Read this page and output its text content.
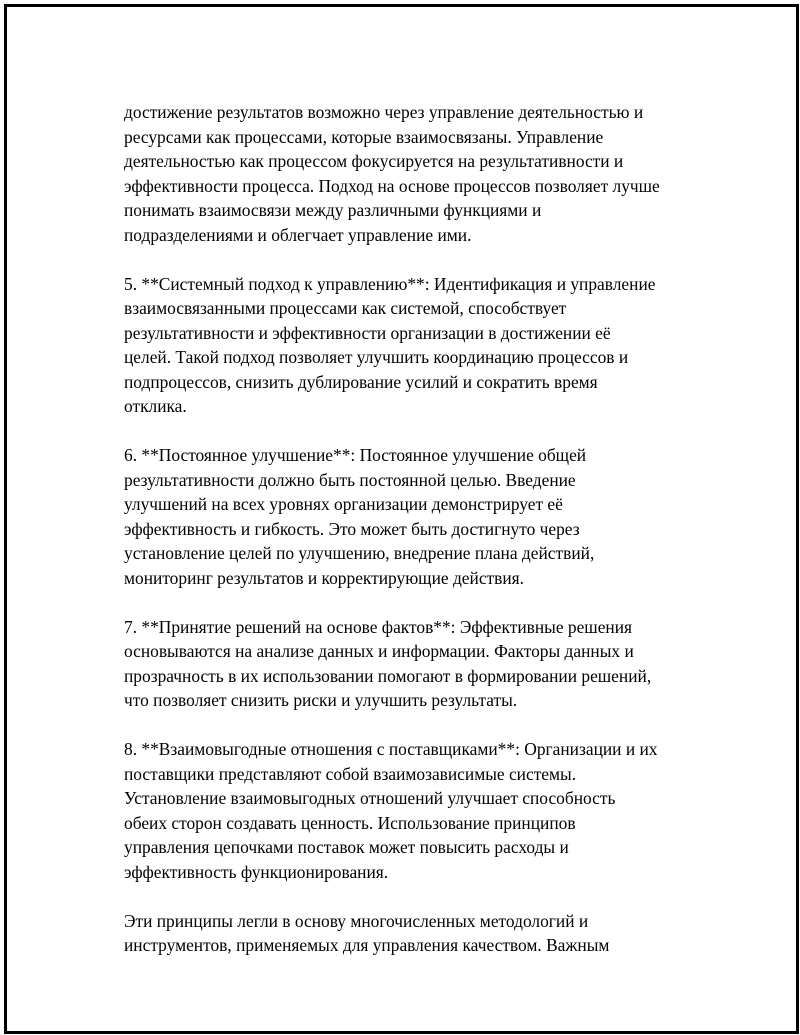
достижение результатов возможно через управление деятельностью и
ресурсами как процессами, которые взаимосвязаны. Управление
деятельностью как процессом фокусируется на результативности и
эффективности процесса. Подход на основе процессов позволяет лучше
понимать взаимосвязи между различными функциями и
подразделениями и облегчает управление ими.

5. **Системный подход к управлению**: Идентификация и управление
взаимосвязанными процессами как системой, способствует
результативности и эффективности организации в достижении её
целей. Такой подход позволяет улучшить координацию процессов и
подпроцессов, снизить дублирование усилий и сократить время
отклика.

6. **Постоянное улучшение**: Постоянное улучшение общей
результативности должно быть постоянной целью. Введение
улучшений на всех уровнях организации демонстрирует её
эффективность и гибкость. Это может быть достигнуто через
установление целей по улучшению, внедрение плана действий,
мониторинг результатов и корректирующие действия.

7. **Принятие решений на основе фактов**: Эффективные решения
основываются на анализе данных и информации. Факторы данных и
прозрачность в их использовании помогают в формировании решений,
что позволяет снизить риски и улучшить результаты.

8. **Взаимовыгодные отношения с поставщиками**: Организации и их
поставщики представляют собой взаимозависимые системы.
Установление взаимовыгодных отношений улучшает способность
обеих сторон создавать ценность. Использование принципов
управления цепочками поставок может повысить расходы и
эффективность функционирования.

Эти принципы легли в основу многочисленных методологий и
инструментов, применяемых для управления качеством. Важным
